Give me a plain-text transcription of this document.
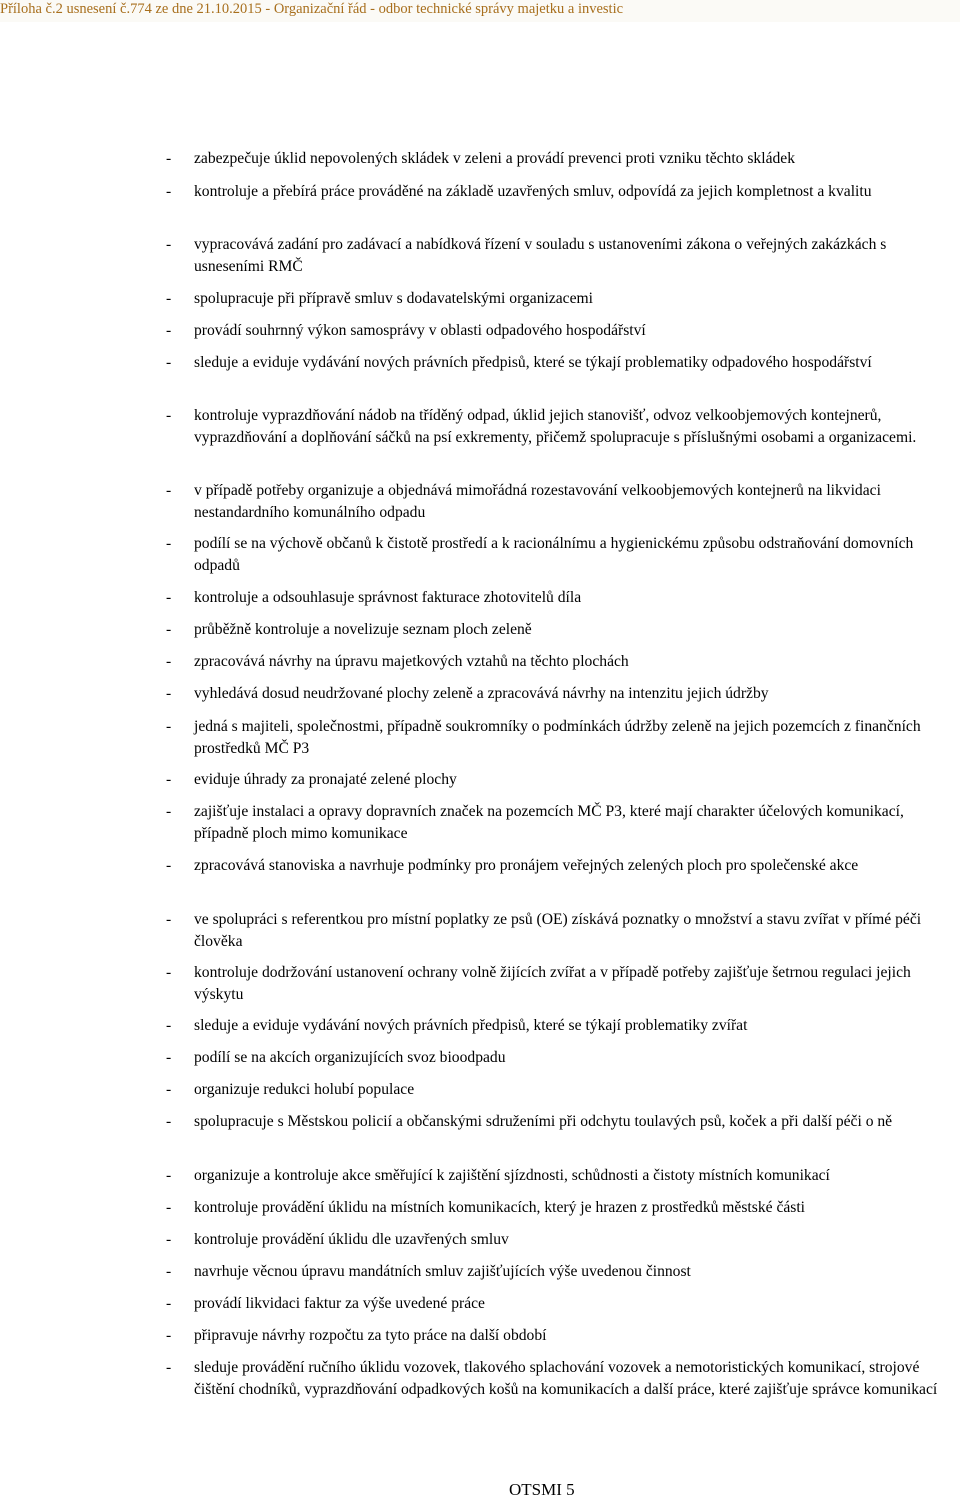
Příloha č.2 usnesení č.774 ze dne 21.10.2015 - Organizační řád - odbor technické správy majetku a investic
- zabezpečuje úklid nepovolených skládek v zeleni a provádí prevenci proti vzniku těchto skládek
- kontroluje a přebírá práce prováděné na základě uzavřených smluv, odpovídá za jejich kompletnost a kvalitu
- vypracovává zadání pro zadávací a nabídková řízení v souladu s ustanoveními zákona o veřejných zakázkách s usneseními RMČ
- spolupracuje při přípravě smluv s dodavatelskými organizacemi
- provádí souhrnný výkon samosprávy v oblasti odpadového hospodářství
- sleduje a eviduje vydávání nových právních předpisů, které se týkají problematiky odpadového hospodářství
- kontroluje vyprazdňování nádob na tříděný odpad, úklid jejich stanovišť, odvoz velkoobjemových kontejnerů, vyprazdňování a doplňování sáčků na psí exkrementy, přičemž spolupracuje s příslušnými osobami a organizacemi.
- v případě potřeby organizuje a objednává mimořádná rozestavování velkoobjemových kontejnerů na likvidaci nestandardního komunálního odpadu
- podílí se na výchově občanů k čistotě prostředí a k racionálnímu a hygienickému způsobu odstraňování domovních odpadů
- kontroluje a odsouhlasuje správnost fakturace zhotovitelů díla
- průběžně kontroluje a novelizuje seznam ploch zeleně
- zpracovává návrhy na úpravu majetkových vztahů na těchto plochách
- vyhledává dosud neudržované plochy zeleně a zpracovává návrhy na intenzitu jejich údržby
- jedná s majiteli, společnostmi, případně soukromníky o podmínkách údržby zeleně na jejich pozemcích z finančních prostředků MČ P3
- eviduje úhrady za pronajaté zelené plochy
- zajišťuje instalaci a opravy dopravních značek na pozemcích MČ P3, které mají charakter účelových komunikací, případně ploch mimo komunikace
- zpracovává stanoviska a navrhuje podmínky pro pronájem veřejných zelených ploch pro společenské akce
- ve spolupráci s referentkou pro místní poplatky ze psů (OE) získává poznatky o množství a stavu zvířat v přímé péči člověka
- kontroluje dodržování ustanovení ochrany volně žijících zvířat a v případě potřeby zajišťuje šetrnou regulaci jejich výskytu
- sleduje a eviduje vydávání nových právních předpisů, které se týkají problematiky zvířat
- podílí se na akcích organizujících svoz bioodpadu
- organizuje redukci holubí populace
- spolupracuje s Městskou policií a občanskými sdruženími při odchytu toulavých psů, koček a při další péči o ně
- organizuje a kontroluje akce směřující k zajištění sjízdnosti, schůdnosti a čistoty místních komunikací
- kontroluje provádění úklidu na místních komunikacích, který je hrazen z prostředků městské části
- kontroluje provádění úklidu dle uzavřených smluv
- navrhuje věcnou úpravu mandátních smluv zajišťujících výše uvedenou činnost
- provádí likvidaci faktur za výše uvedené práce
- připravuje návrhy rozpočtu za tyto práce na další období
- sleduje provádění ručního úklidu vozovek, tlakového splachování vozovek a nemotoristických komunikací, strojové čištění chodníků, vyprazdňování odpadkových košů na komunikacích a další práce, které zajišťuje správce komunikací
OTSMI 5
